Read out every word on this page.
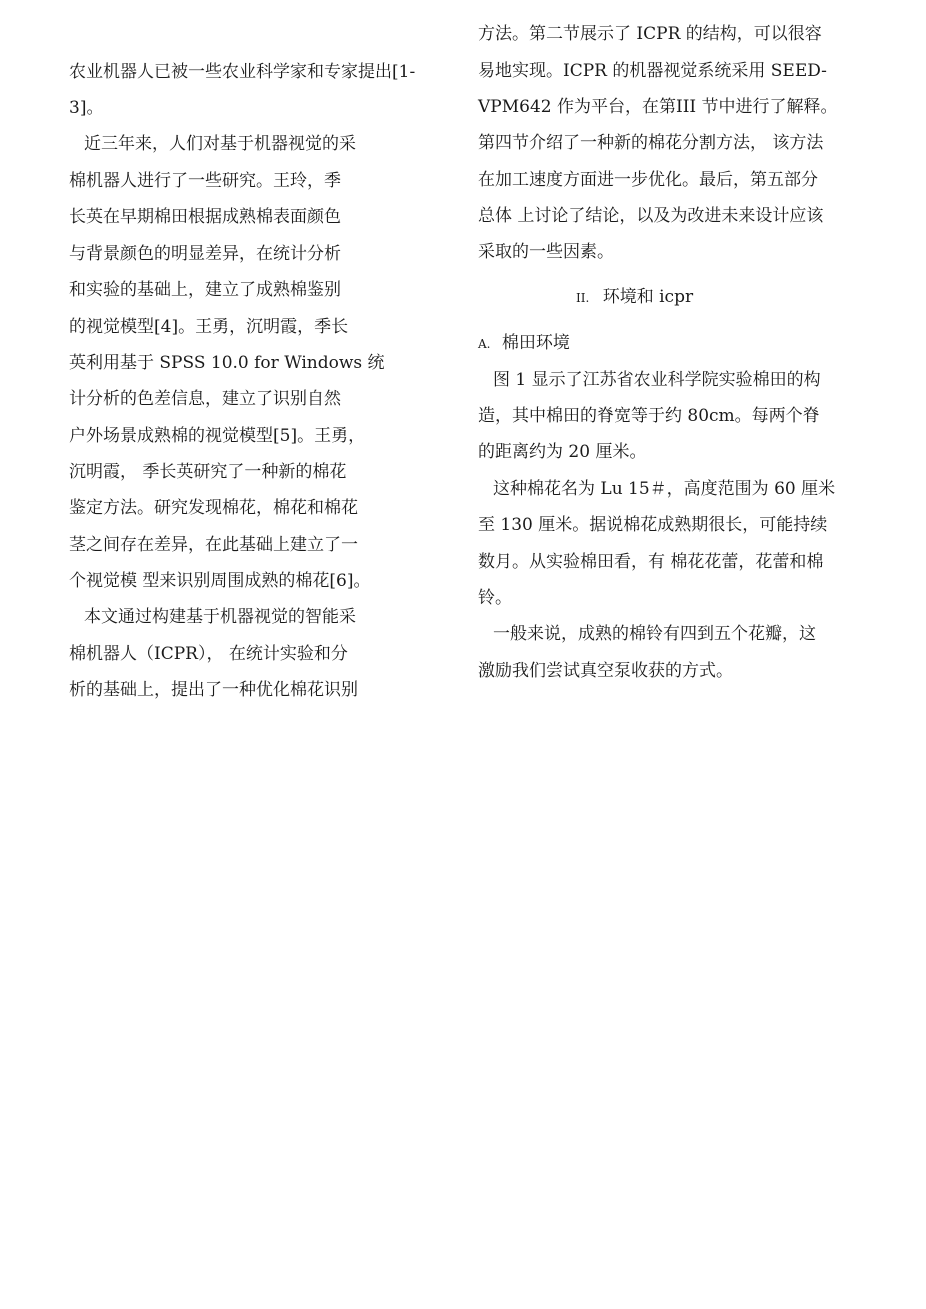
农业机器人已被一些农业科学家和专家提出[1-
3]。
近三年来，人们对基于机器视觉的采
棉机器人进行了一些研究。王玲，季
长英在早期棉田根据成熟棉表面颜色
与背景颜色的明显差异，在统计分析
和实验的基础上，建立了成熟棉鉴别
的视觉模型[4]。王勇，沉明霞，季长
英利用基于 SPSS 10.0 for Windows 统
计分析的色差信息，建立了识别自然
户外场景成熟棉的视觉模型[5]。王勇，
沉明霞， 季长英研究了一种新的棉花
鉴定方法。研究发现棉花，棉花和棉花
茎之间存在差异，在此基础上建立了一
个视觉模 型来识别周围成熟的棉花[6]。
本文通过构建基于机器视觉的智能采
棉机器人（ICPR）， 在统计实验和分
析的基础上，提出了一种优化棉花识别
方法。第二节展示了 ICPR 的结构，可以很容
易地实现。ICPR 的机器视觉系统采用 SEED-
VPM642 作为平台，在第III 节中进行了解释。
第四节介绍了一种新的棉花分割方法， 该方法
在加工速度方面进一步优化。最后，第五部分
总体 上讨论了结论，以及为改进未来设计应该
采取的一些因素。
II. 环境和 icpr
A. 棉田环境
图 1 显示了江苏省农业科学院实验棉田的构
造，其中棉田的脊宽等于约 80cm。每两个脊
的距离约为 20 厘米。
这种棉花名为 Lu 15＃，高度范围为 60 厘米
至 130 厘米。据说棉花成熟期很长，可能持续
数月。从实验棉田看，有 棉花花蕾，花蕾和棉
铃。
一般来说，成熟的棉铃有四到五个花瓣，这
激励我们尝试真空泵收获的方式。
